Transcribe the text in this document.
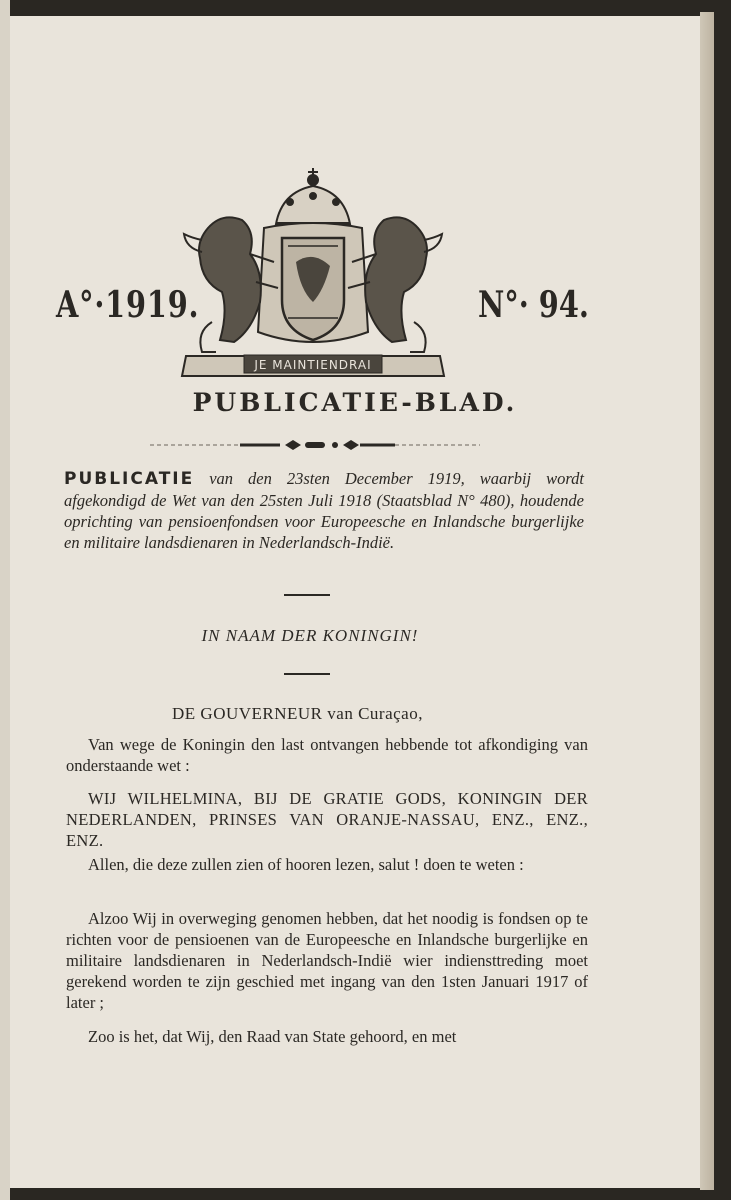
A°·1919.	N°· 94.
JE MAINTIENDRAI
PUBLICATIE-BLAD.
PUBLICATIE van den 23sten December 1919, waarbij wordt afgekondigd de Wet van den 25sten Juli 1918 (Staatsblad N° 480), houdende oprichting van pensioenfondsen voor Europeesche en Inlandsche burgerlijke en militaire landsdienaren in Nederlandsch-Indië.
IN NAAM DER KONINGIN!
DE GOUVERNEUR van Curaçao,
Van wege de Koningin den last ontvangen hebbende tot afkondiging van onderstaande wet :
WIJ WILHELMINA, BIJ DE GRATIE GODS, KONINGIN DER NEDERLANDEN, PRINSES VAN ORANJE-NASSAU, ENZ., ENZ., ENZ.
Allen, die deze zullen zien of hooren lezen, salut ! doen te weten :
Alzoo Wij in overweging genomen hebben, dat het noodig is fondsen op te richten voor de pensioenen van de Europeesche en Inlandsche burgerlijke en militaire landsdienaren in Nederlandsch-Indië wier indiensttreding moet gerekend worden te zijn geschied met ingang van den 1sten Januari 1917 of later ;
Zoo is het, dat Wij, den Raad van State gehoord, en met
